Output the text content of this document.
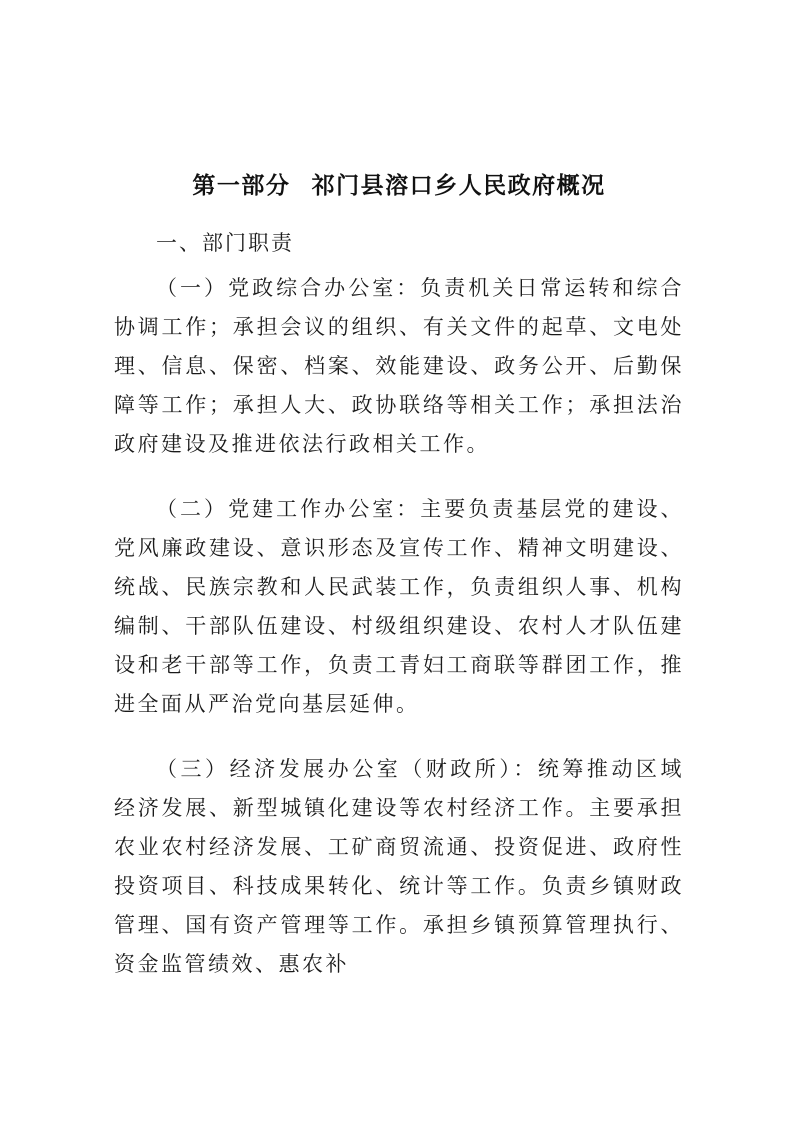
第一部分 祁门县溶口乡人民政府概况
一、部门职责

（一）党政综合办公室：负责机关日常运转和综合协调工作；承担会议的组织、有关文件的起草、文电处理、信息、保密、档案、效能建设、政务公开、后勤保障等工作；承担人大、政协联络等相关工作；承担法治政府建设及推进依法行政相关工作。

（二）党建工作办公室：主要负责基层党的建设、党风廉政建设、意识形态及宣传工作、精神文明建设、统战、民族宗教和人民武装工作，负责组织人事、机构编制、干部队伍建设、村级组织建设、农村人才队伍建设和老干部等工作，负责工青妇工商联等群团工作，推进全面从严治党向基层延伸。

（三）经济发展办公室（财政所）：统筹推动区域经济发展、新型城镇化建设等农村经济工作。主要承担农业农村经济发展、工矿商贸流通、投资促进、政府性投资项目、科技成果转化、统计等工作。负责乡镇财政管理、国有资产管理等工作。承担乡镇预算管理执行、资金监管绩效、惠农补
